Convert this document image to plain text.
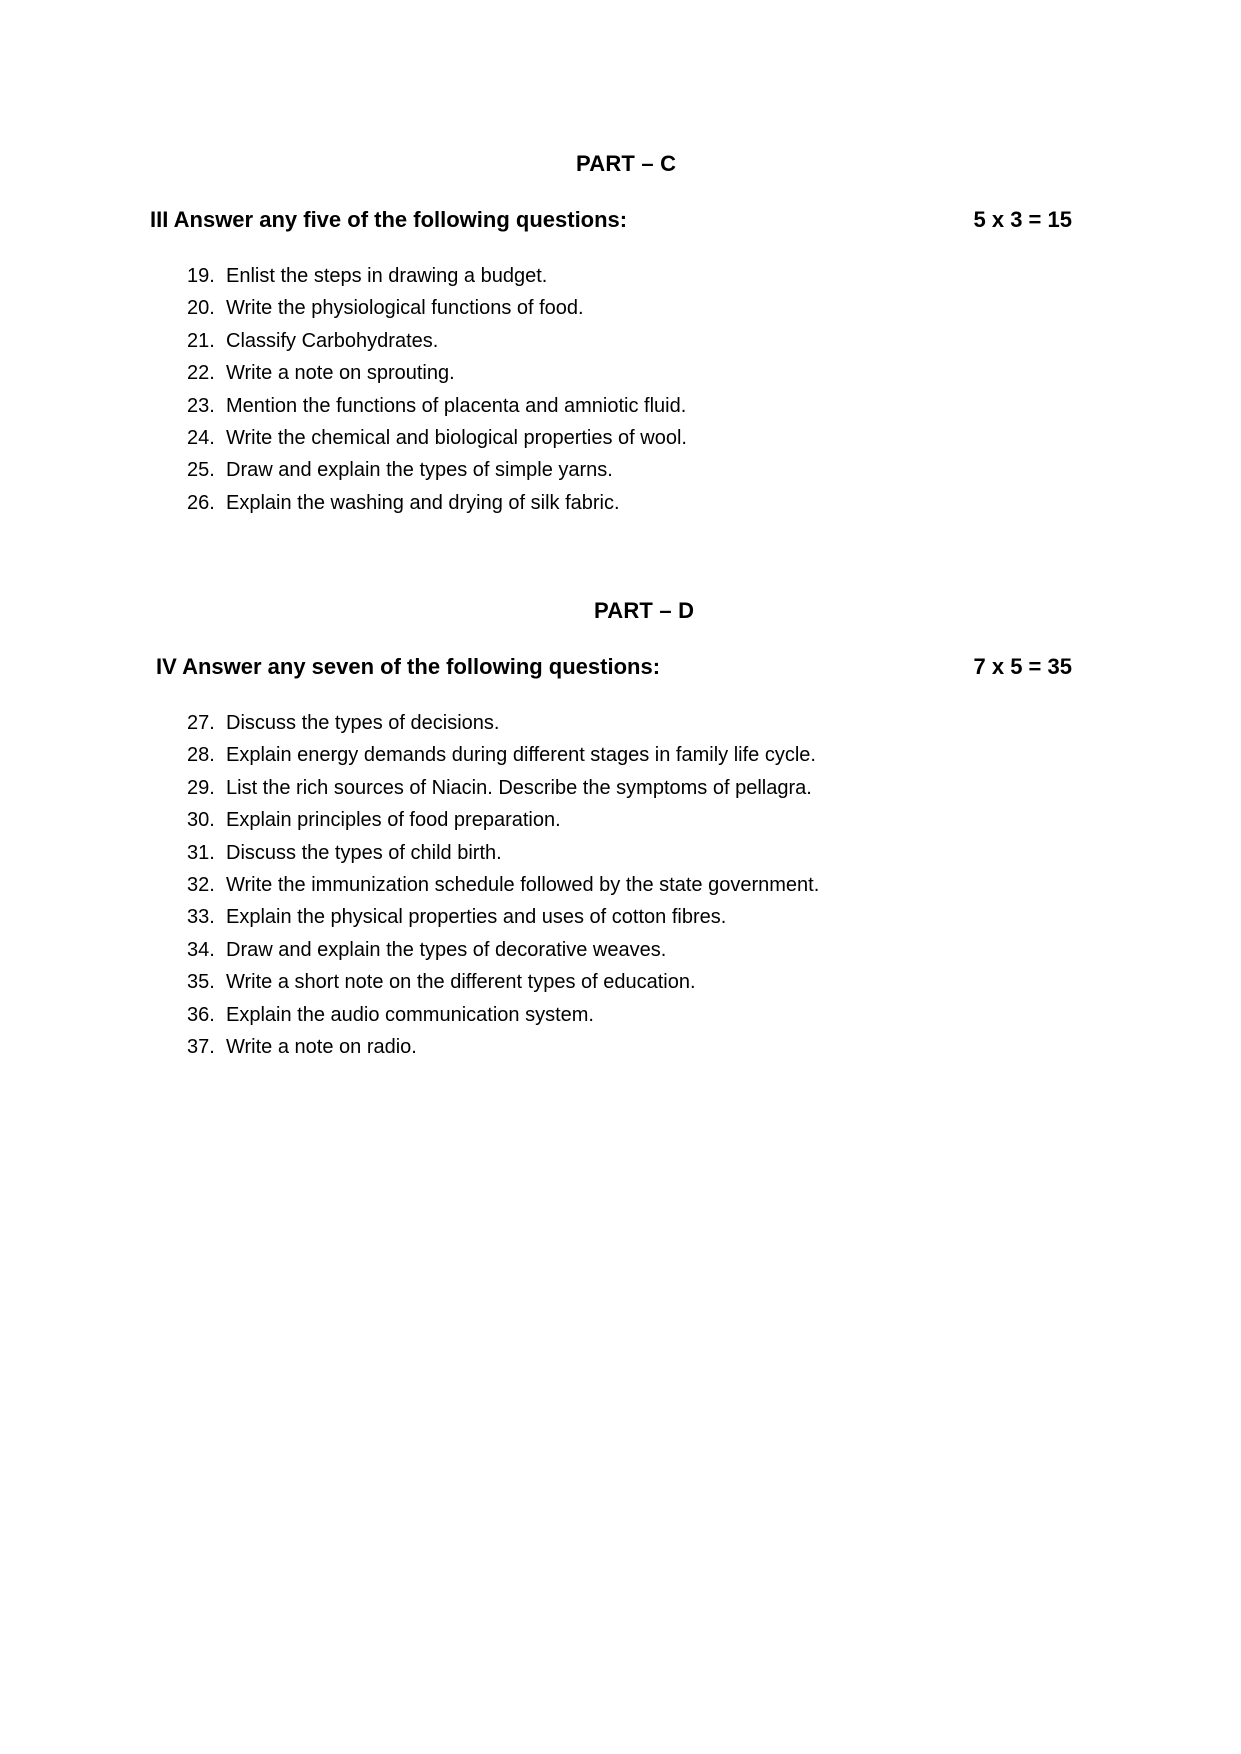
PART – C
III Answer any five of the following questions:	5 x 3 = 15
19. Enlist the steps in drawing a budget.
20. Write the physiological functions of food.
21. Classify Carbohydrates.
22. Write a note on sprouting.
23. Mention the functions of placenta and amniotic fluid.
24. Write the chemical and biological properties of wool.
25. Draw and explain the types of simple yarns.
26. Explain the washing and drying of silk fabric.
PART – D
IV Answer any seven of the following questions:	7 x 5 = 35
27. Discuss the types of decisions.
28. Explain energy demands during different stages in family life cycle.
29. List the rich sources of Niacin. Describe the symptoms of pellagra.
30. Explain principles of food preparation.
31. Discuss the types of child birth.
32. Write the immunization schedule followed by the state government.
33. Explain the physical properties and uses of cotton fibres.
34. Draw and explain the types of decorative weaves.
35. Write a short note on the different types of education.
36. Explain the audio communication system.
37. Write a note on radio.
